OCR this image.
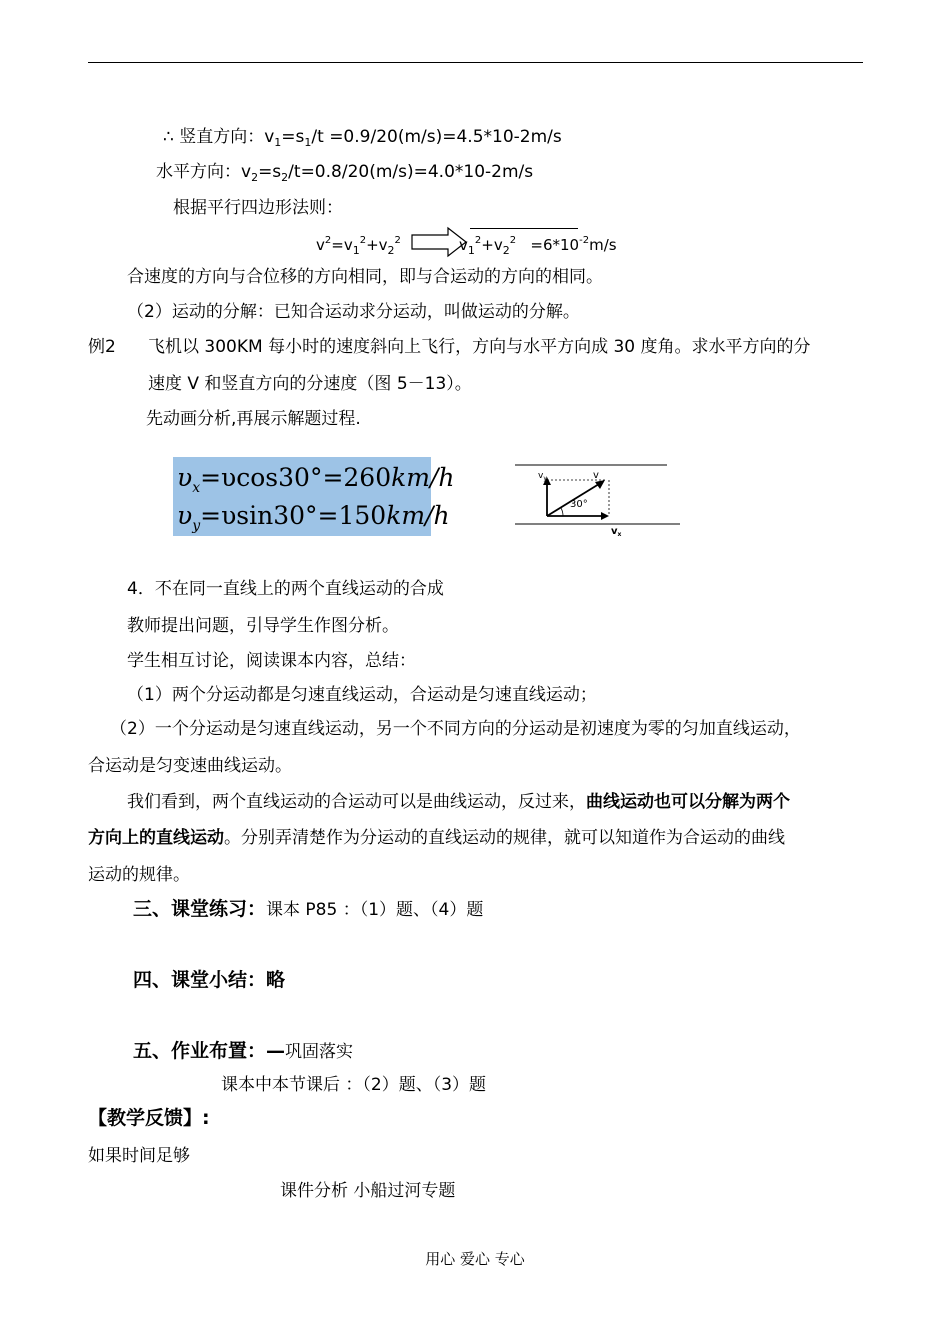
∴ 竖直方向：$v_1=s_1/t =0.9/20(m/s)=4.5*10-2m/s$
水平方向：$v_2=s_2/t=0.8/20(m/s)=4.0*10-2m/s$
根据平行四边形法则：
$v^2=v_1^2+v_2^2$	$v_1^2+v_2^2 =6*10^{-2}m/s$
合速度的方向与合位移的方向相同，即与合运动的方向的相同。
（2）运动的分解：已知合运动求分运动，叫做运动的分解。
例2 飞机以 300KM 每小时的速度斜向上飞行，方向与水平方向成 30 度角。求水平方向的分
速度 V 和竖直方向的分速度（图 5－13）。
先动画分析,再展示解题过程.
$\upsilon_x=\upsilon\cos 30^\circ=260km/h$
$\upsilon_y=\upsilon\sin 30^\circ=150km/h$
$v_y$	v
30°
$v_x$
4．不在同一直线上的两个直线运动的合成
教师提出问题，引导学生作图分析。
学生相互讨论，阅读课本内容，总结：
（1）两个分运动都是匀速直线运动，合运动是匀速直线运动；
（2）一个分运动是匀速直线运动，另一个不同方向的分运动是初速度为零的匀加直线运动，
合运动是匀变速曲线运动。
我们看到，两个直线运动的合运动可以是曲线运动，反过来，曲线运动也可以分解为两个
方向上的直线运动。分别弄清楚作为分运动的直线运动的规律，就可以知道作为合运动的曲线
运动的规律。
三、课堂练习：课本 P85 ：（1）题、（4）题
四、课堂小结：略
五、作业布置：—巩固落实
课本中本节课后 ：（2）题、（3）题
【教学反馈】:
如果时间足够
课件分析 小船过河专题
用心 爱心 专心
